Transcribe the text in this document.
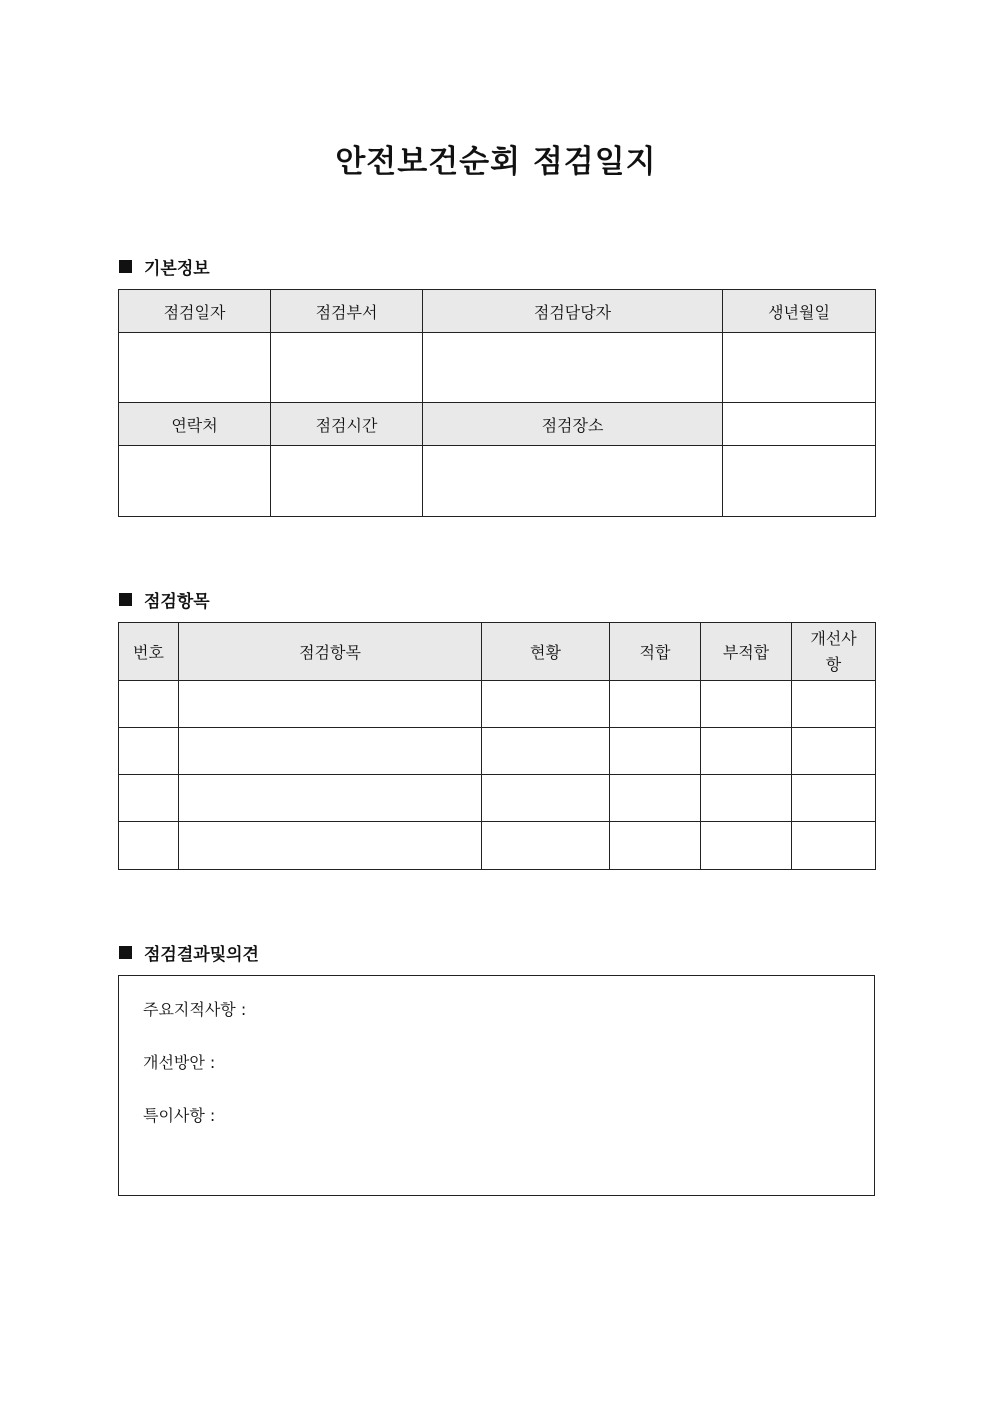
안전보건순회 점검일지
기본정보
점검일자	점검부서	점검담당자	생년월일

연락처	점검시간	점검장소	

점검항목
번호	점검항목	현황	적합	부적합	개선사
항

점검결과및의견
주요지적사항 :
개선방안 :
특이사항 :
